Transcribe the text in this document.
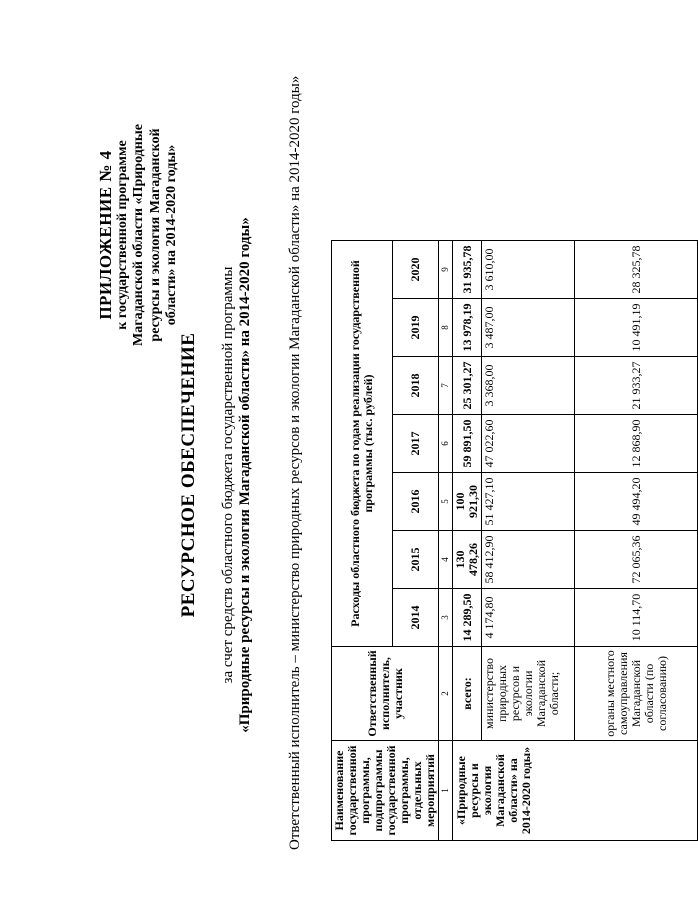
ПРИЛОЖЕНИЕ № 4 к государственной программе Магаданской области «Природные ресурсы и экология Магаданской области» на 2014-2020 годы»
РЕСУРСНОЕ ОБЕСПЕЧЕНИЕ за счет средств областного бюджета государственной программы «Природные ресурсы и экология Магаданской области» на 2014-2020 годы» Ответственный исполнитель – министерство природных ресурсов и экологии Магаданской области» на 2014-2020 годы» Наименование государственной программы, подпрограммы государственной программы, отдельных мероприятий	Ответственный исполнитель, участник	Расходы областного бюджета по годам реализации государственной программы (тыс. рублей)						
		2014	2015	2016	2017	2018	2019	2020
1	2	3	4	5	6	7	8	9
«Природные ресурсы и экология Магаданской области» на 2014-2020 годы»	всего:	14 289,50	130 478,26	100 921,30	59 891,50	25 301,27	13 978,19	31 935,78
	министерство природных ресурсов и экологии Магаданской области;	4 174,80	58 412,90	51 427,10	47 022,60	3 368,00	3 487,00	3 610,00
	органы местного самоуправления Магаданской области (по согласованию)	10 114,70	72 065,36	49 494,20	12 868,90	21 933,27	10 491,19	28 325,78
